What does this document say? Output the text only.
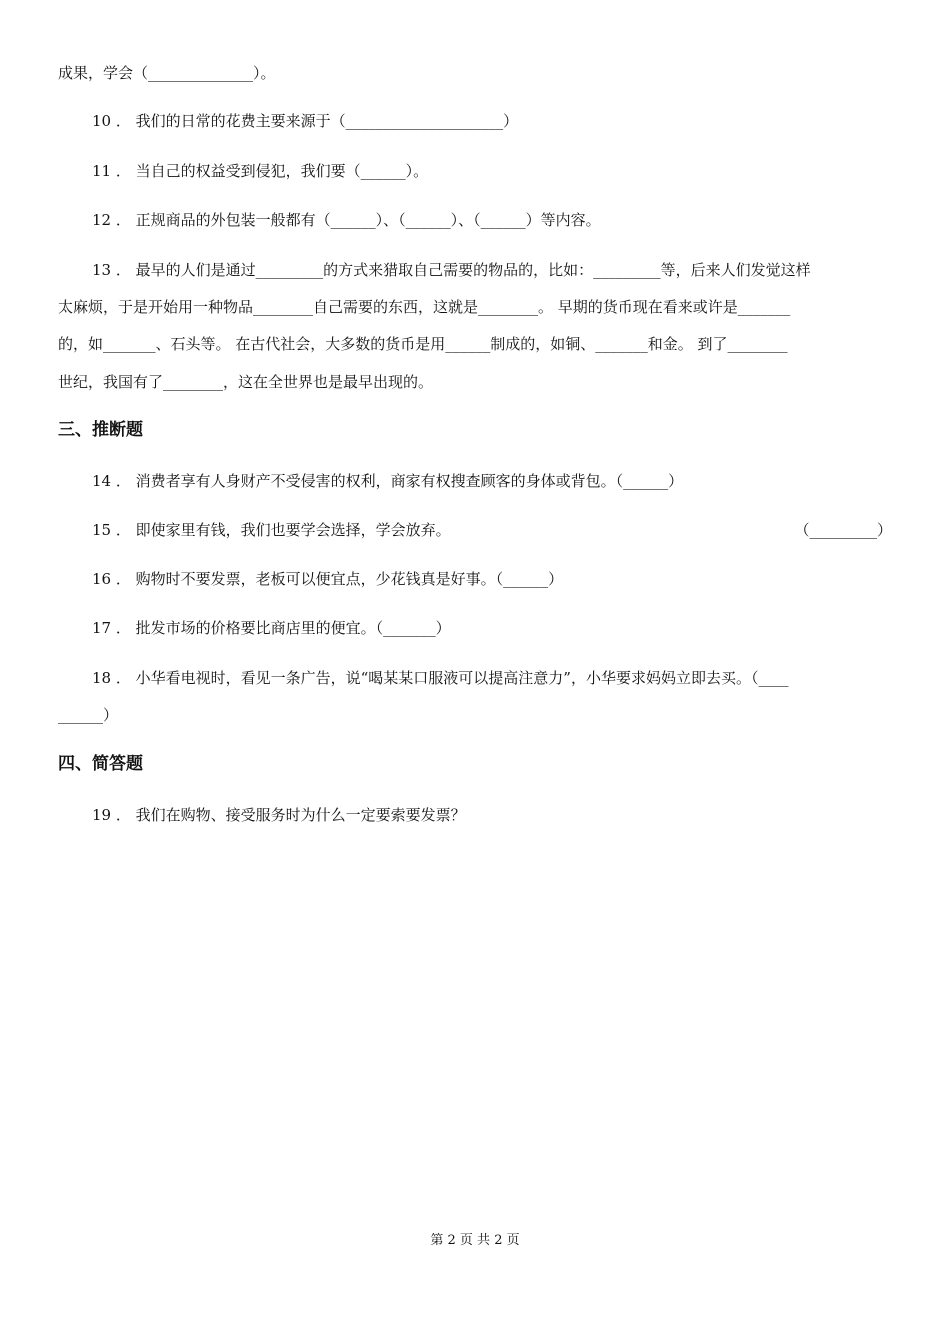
成果，学会（______________）。
10 ． 我们的日常的花费主要来源于（_____________________）
11 ． 当自己的权益受到侵犯，我们要（______）。
12 ． 正规商品的外包装一般都有（______）、（______）、（______）等内容。
13 ． 最早的人们是通过_________的方式来猎取自己需要的物品的，比如：_________等，后来人们发觉这样
太麻烦，于是开始用一种物品________自己需要的东西，这就是________。 早期的货币现在看来或许是_______
的，如_______、石头等。 在古代社会，大多数的货币是用______制成的，如铜、_______和金。 到了________
世纪，我国有了________，这在全世界也是最早出现的。
三、推断题
14 ． 消费者享有人身财产不受侵害的权利，商家有权搜查顾客的身体或背包。（______）
15 ． 即使家里有钱，我们也要学会选择，学会放弃。	（_________）
16 ． 购物时不要发票，老板可以便宜点，少花钱真是好事。（______）
17 ． 批发市场的价格要比商店里的便宜。（_______）
18 ． 小华看电视时，看见一条广告，说“喝某某口服液可以提高注意力”，小华要求妈妈立即去买。（____
______）
四、简答题
19 ． 我们在购物、接受服务时为什么一定要索要发票？
第 2 页 共 2 页
